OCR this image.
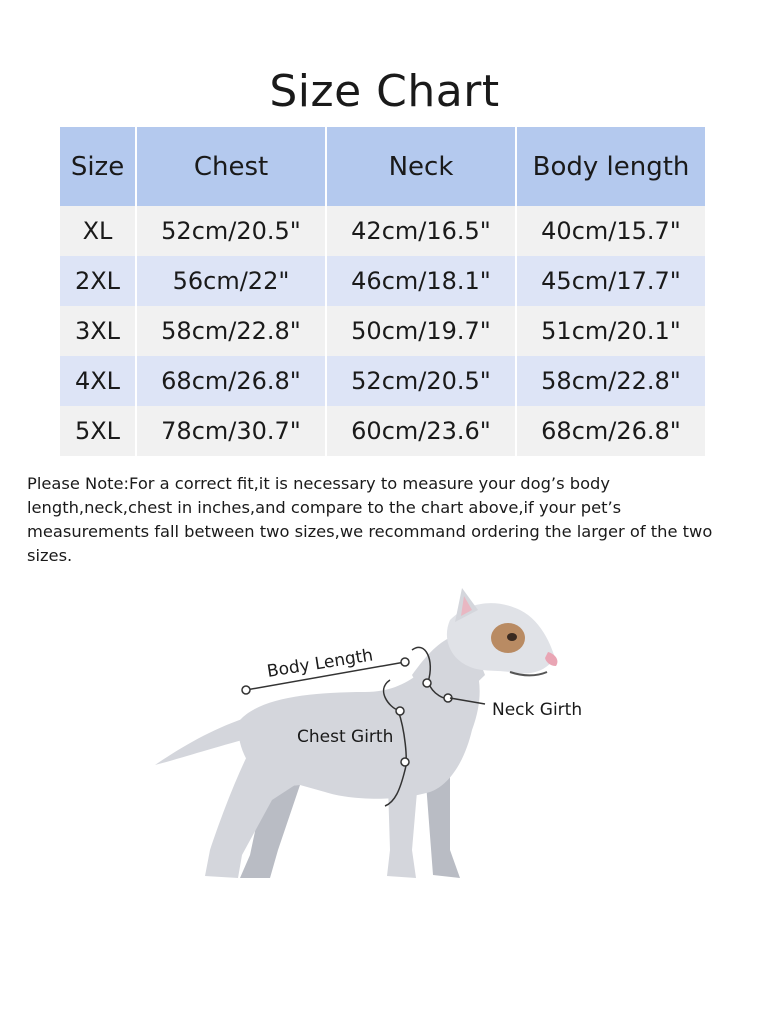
Size Chart
Size	Chest	Neck	Body length
XL	52cm/20.5"	42cm/16.5"	40cm/15.7"
2XL	56cm/22"	46cm/18.1"	45cm/17.7"
3XL	58cm/22.8"	50cm/19.7"	51cm/20.1"
4XL	68cm/26.8"	52cm/20.5"	58cm/22.8"
5XL	78cm/30.7"	60cm/23.6"	68cm/26.8"
Please Note:For a correct fit,it is necessary to measure your dog’s body length,neck,chest in inches,and compare to the chart above,if your pet’s measurements fall between two sizes,we recommand ordering the larger of the two sizes.
Body Length
Neck Girth
Chest Girth
